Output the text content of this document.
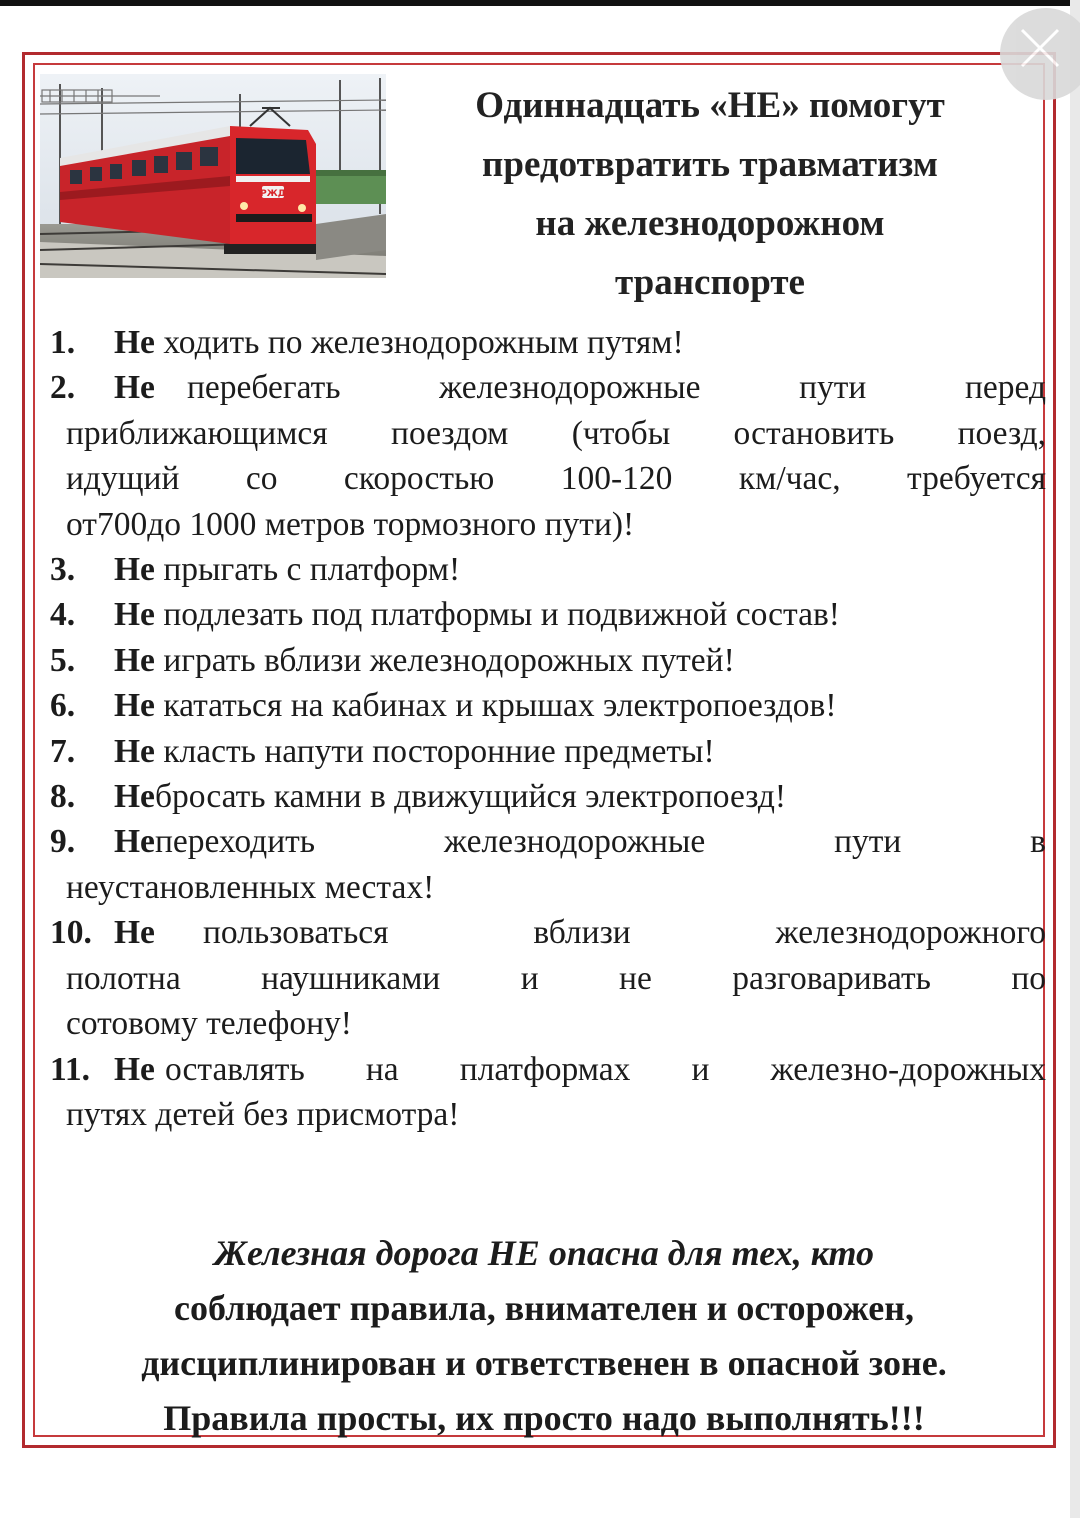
РЖД
Одиннадцать «НЕ» помогут
предотвратить травматизм
на железнодорожном
транспорте
1.	Не ходить по железнодорожным путям!
2. Не перебегать железнодорожные пути перед
приближающимся поездом (чтобы остановить поезд,
идущий со скоростью 100-120 км/час, требуется
от700до 1000 метров тормозного пути)!
3.	Не прыгать с платформ!
4.	Не подлезать под платформы и подвижной состав!
5.	Не играть вблизи железнодорожных путей!
6.	Не кататься на кабинах и крышах электропоездов!
7.	Не класть напути посторонние предметы!
8.	Небросать камни в движущийся электропоезд!
9. Не переходить железнодорожные пути в
неустановленных местах!
10. Не	пользоваться вблизи железнодорожного
полотна наушниками и не разговаривать по
сотовому телефону!
11. Не оставлять на платформах и железно-дорожных
путях детей без присмотра!
Железная дорога НЕ опасна для тех, кто
соблюдает правила, внимателен и осторожен,
дисциплинирован и ответственен в опасной зоне.
Правила просты, их просто надо выполнять!!!
